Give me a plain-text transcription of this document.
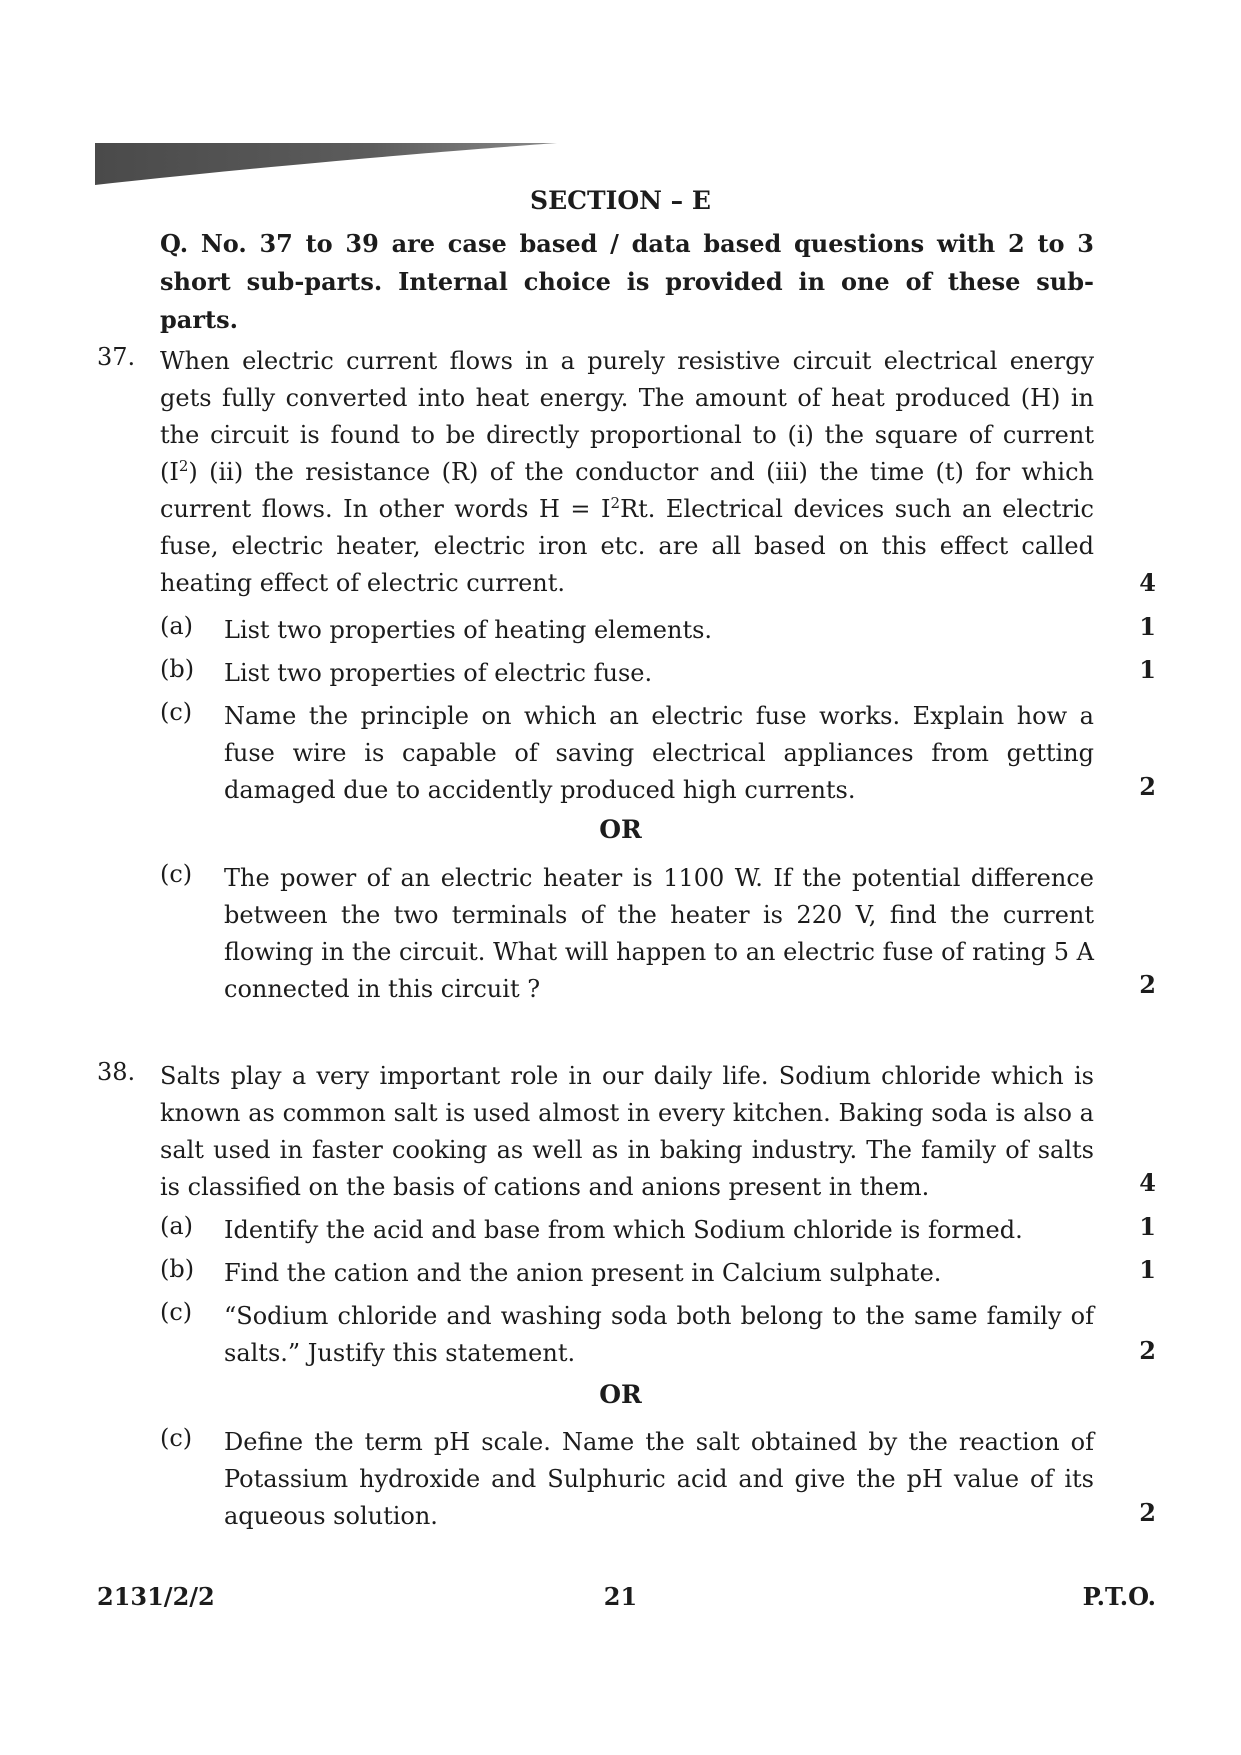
SECTION – E
Q. No. 37 to 39 are case based / data based questions with 2 to 3 short sub-parts. Internal choice is provided in one of these sub-parts.
37. When electric current flows in a purely resistive circuit electrical energy gets fully converted into heat energy. The amount of heat produced (H) in the circuit is found to be directly proportional to (i) the square of current $(I^2)$ (ii) the resistance (R) of the conductor and (iii) the time (t) for which current flows. In other words $H = I^2Rt$. Electrical devices such an electric fuse, electric heater, electric iron etc. are all based on this effect called heating effect of electric current.	4
(a) List two properties of heating elements.	1
(b) List two properties of electric fuse.	1
(c) Name the principle on which an electric fuse works. Explain how a fuse wire is capable of saving electrical appliances from getting damaged due to accidently produced high currents.	2
OR
(c) The power of an electric heater is 1100 W. If the potential difference between the two terminals of the heater is 220 V, find the current flowing in the circuit. What will happen to an electric fuse of rating 5 A connected in this circuit ?	2
38. Salts play a very important role in our daily life. Sodium chloride which is known as common salt is used almost in every kitchen. Baking soda is also a salt used in faster cooking as well as in baking industry. The family of salts is classified on the basis of cations and anions present in them.	4
(a) Identify the acid and base from which Sodium chloride is formed.	1
(b) Find the cation and the anion present in Calcium sulphate.	1
(c) “Sodium chloride and washing soda both belong to the same family of salts.” Justify this statement.	2
OR
(c) Define the term pH scale. Name the salt obtained by the reaction of Potassium hydroxide and Sulphuric acid and give the pH value of its aqueous solution.	2
2131/2/2	21	P.T.O.
